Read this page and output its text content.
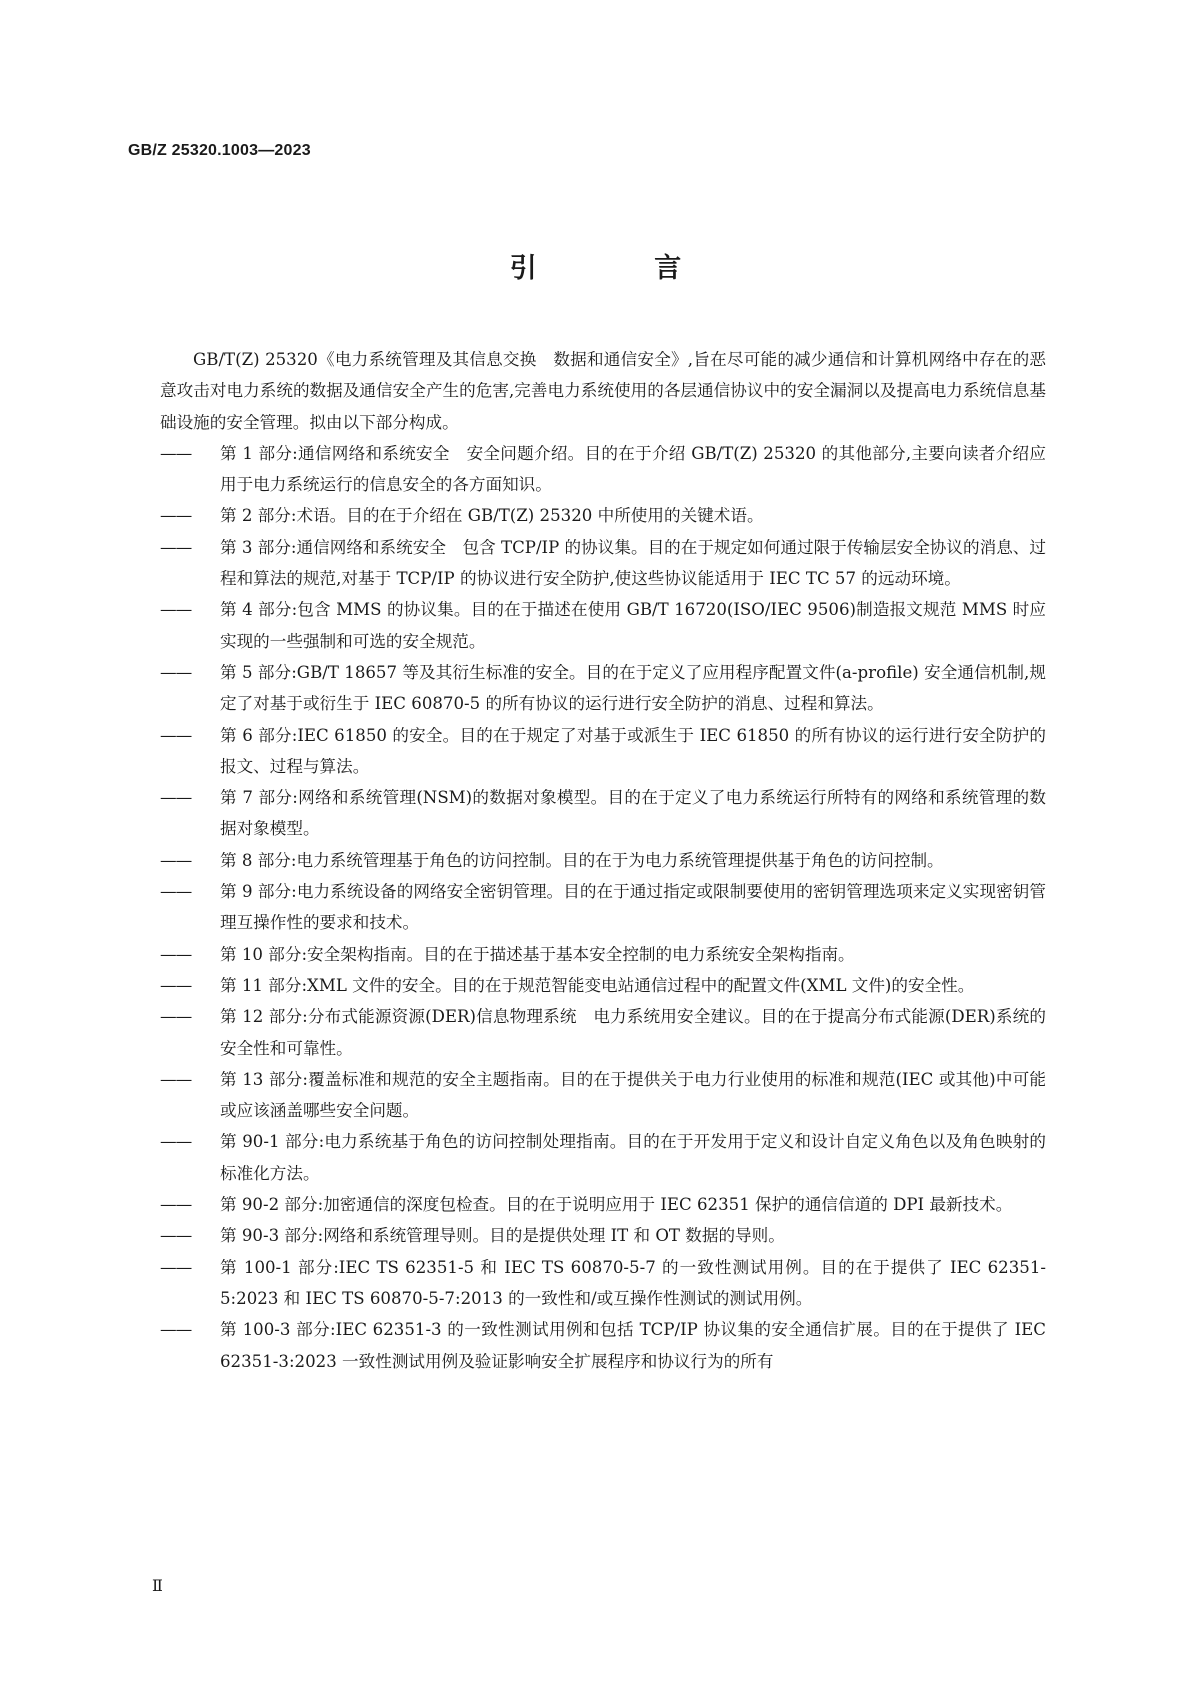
GB/Z 25320.1003—2023
引 言

GB/T(Z) 25320《电力系统管理及其信息交换　数据和通信安全》,旨在尽可能的减少通信和计算机网络中存在的恶意攻击对电力系统的数据及通信安全产生的危害,完善电力系统使用的各层通信协议中的安全漏洞以及提高电力系统信息基础设施的安全管理。拟由以下部分构成。

——	第 1 部分:通信网络和系统安全　安全问题介绍。目的在于介绍 GB/T(Z) 25320 的其他部分,主要向读者介绍应用于电力系统运行的信息安全的各方面知识。
——	第 2 部分:术语。目的在于介绍在 GB/T(Z) 25320 中所使用的关键术语。
——	第 3 部分:通信网络和系统安全　包含 TCP/IP 的协议集。目的在于规定如何通过限于传输层安全协议的消息、过程和算法的规范,对基于 TCP/IP 的协议进行安全防护,使这些协议能适用于 IEC TC 57 的远动环境。
——	第 4 部分:包含 MMS 的协议集。目的在于描述在使用 GB/T 16720(ISO/IEC 9506)制造报文规范 MMS 时应实现的一些强制和可选的安全规范。
——	第 5 部分:GB/T 18657 等及其衍生标准的安全。目的在于定义了应用程序配置文件(a-profile) 安全通信机制,规定了对基于或衍生于 IEC 60870-5 的所有协议的运行进行安全防护的消息、过程和算法。
——	第 6 部分:IEC 61850 的安全。目的在于规定了对基于或派生于 IEC 61850 的所有协议的运行进行安全防护的报文、过程与算法。
——	第 7 部分:网络和系统管理(NSM)的数据对象模型。目的在于定义了电力系统运行所特有的网络和系统管理的数据对象模型。
——	第 8 部分:电力系统管理基于角色的访问控制。目的在于为电力系统管理提供基于角色的访问控制。
——	第 9 部分:电力系统设备的网络安全密钥管理。目的在于通过指定或限制要使用的密钥管理选项来定义实现密钥管理互操作性的要求和技术。
——	第 10 部分:安全架构指南。目的在于描述基于基本安全控制的电力系统安全架构指南。
——	第 11 部分:XML 文件的安全。目的在于规范智能变电站通信过程中的配置文件(XML 文件)的安全性。
——	第 12 部分:分布式能源资源(DER)信息物理系统　电力系统用安全建议。目的在于提高分布式能源(DER)系统的安全性和可靠性。
——	第 13 部分:覆盖标准和规范的安全主题指南。目的在于提供关于电力行业使用的标准和规范(IEC 或其他)中可能或应该涵盖哪些安全问题。
——	第 90-1 部分:电力系统基于角色的访问控制处理指南。目的在于开发用于定义和设计自定义角色以及角色映射的标准化方法。
——	第 90-2 部分:加密通信的深度包检查。目的在于说明应用于 IEC 62351 保护的通信信道的 DPI 最新技术。
——	第 90-3 部分:网络和系统管理导则。目的是提供处理 IT 和 OT 数据的导则。
——	第 100-1 部分:IEC TS 62351-5 和 IEC TS 60870-5-7 的一致性测试用例。目的在于提供了 IEC 62351-5:2023 和 IEC TS 60870-5-7:2013 的一致性和/或互操作性测试的测试用例。
——	第 100-3 部分:IEC 62351-3 的一致性测试用例和包括 TCP/IP 协议集的安全通信扩展。目的在于提供了 IEC 62351-3:2023 一致性测试用例及验证影响安全扩展程序和协议行为的所有
Ⅱ
